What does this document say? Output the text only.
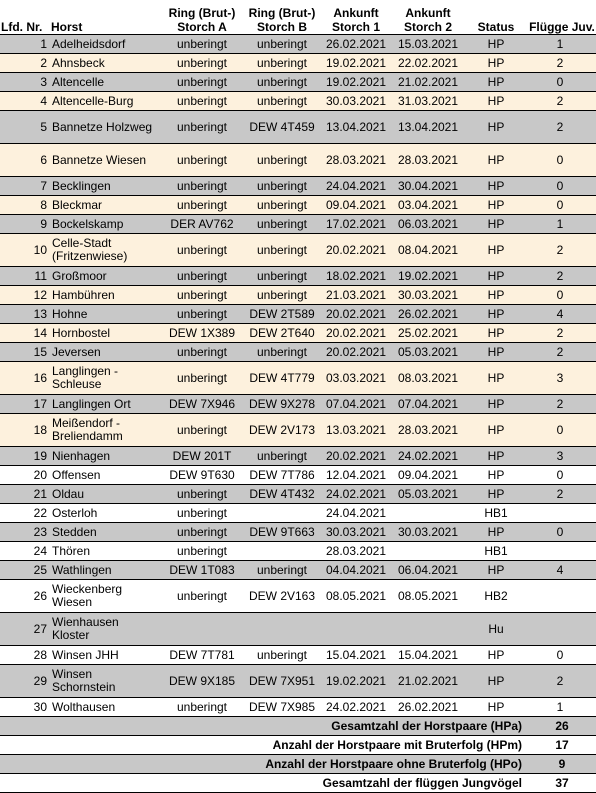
Lfd. Nr.	Horst	Ring (Brut-) Storch A	Ring (Brut-) Storch B	Ankunft Storch 1	Ankunft Storch 2	Status	Flügge Juv.
1	Adelheidsdorf	unberingt	unberingt	26.02.2021	15.03.2021	HP	1
2	Ahnsbeck	unberingt	unberingt	19.02.2021	22.02.2021	HP	2
3	Altencelle	unberingt	unberingt	19.02.2021	21.02.2021	HP	0
4	Altencelle-Burg	unberingt	unberingt	30.03.2021	31.03.2021	HP	2
5	Bannetze Holzweg	unberingt	DEW 4T459	13.04.2021	13.04.2021	HP	2
6	Bannetze Wiesen	unberingt	unberingt	28.03.2021	28.03.2021	HP	0
7	Becklingen	unberingt	unberingt	24.04.2021	30.04.2021	HP	0
8	Bleckmar	unberingt	unberingt	09.04.2021	03.04.2021	HP	0
9	Bockelskamp	DER AV762	unberingt	17.02.2021	06.03.2021	HP	1
10	Celle-Stadt (Fritzenwiese)	unberingt	unberingt	20.02.2021	08.04.2021	HP	2
11	Großmoor	unberingt	unberingt	18.02.2021	19.02.2021	HP	2
12	Hambühren	unberingt	unberingt	21.03.2021	30.03.2021	HP	0
13	Hohne	unberingt	DEW 2T589	20.02.2021	26.02.2021	HP	4
14	Hornbostel	DEW 1X389	DEW 2T640	20.02.2021	25.02.2021	HP	2
15	Jeversen	unberingt	unberingt	20.02.2021	05.03.2021	HP	2
16	Langlingen - Schleuse	unberingt	DEW 4T779	03.03.2021	08.03.2021	HP	3
17	Langlingen Ort	DEW 7X946	DEW 9X278	07.04.2021	07.04.2021	HP	2
18	Meißendorf - Breliendamm	unberingt	DEW 2V173	13.03.2021	28.03.2021	HP	0
19	Nienhagen	DEW 201T	unberingt	20.02.2021	24.02.2021	HP	3
20	Offensen	DEW 9T630	DEW 7T786	12.04.2021	09.04.2021	HP	0
21	Oldau	unberingt	DEW 4T432	24.02.2021	05.03.2021	HP	2
22	Osterloh	unberingt		24.04.2021		HB1	
23	Stedden	unberingt	DEW 9T663	30.03.2021	30.03.2021	HP	0
24	Thören	unberingt		28.03.2021		HB1	
25	Wathlingen	DEW 1T083	unberingt	04.04.2021	06.04.2021	HP	4
26	Wieckenberg Wiesen	unberingt	DEW 2V163	08.05.2021	08.05.2021	HB2	
27	Wienhausen Kloster					Hu	
28	Winsen JHH	DEW 7T781	unberingt	15.04.2021	15.04.2021	HP	0
29	Winsen Schornstein	DEW 9X185	DEW 7X951	19.02.2021	21.02.2021	HP	2
30	Wolthausen	unberingt	DEW 7X985	24.02.2021	26.02.2021	HP	1
Gesamtzahl der Horstpaare (HPa)							26
Anzahl der Horstpaare mit Bruterfolg (HPm)							17
Anzahl der Horstpaare ohne Bruterfolg (HPo)							9
Gesamtzahl der flüggen Jungvögel							37
